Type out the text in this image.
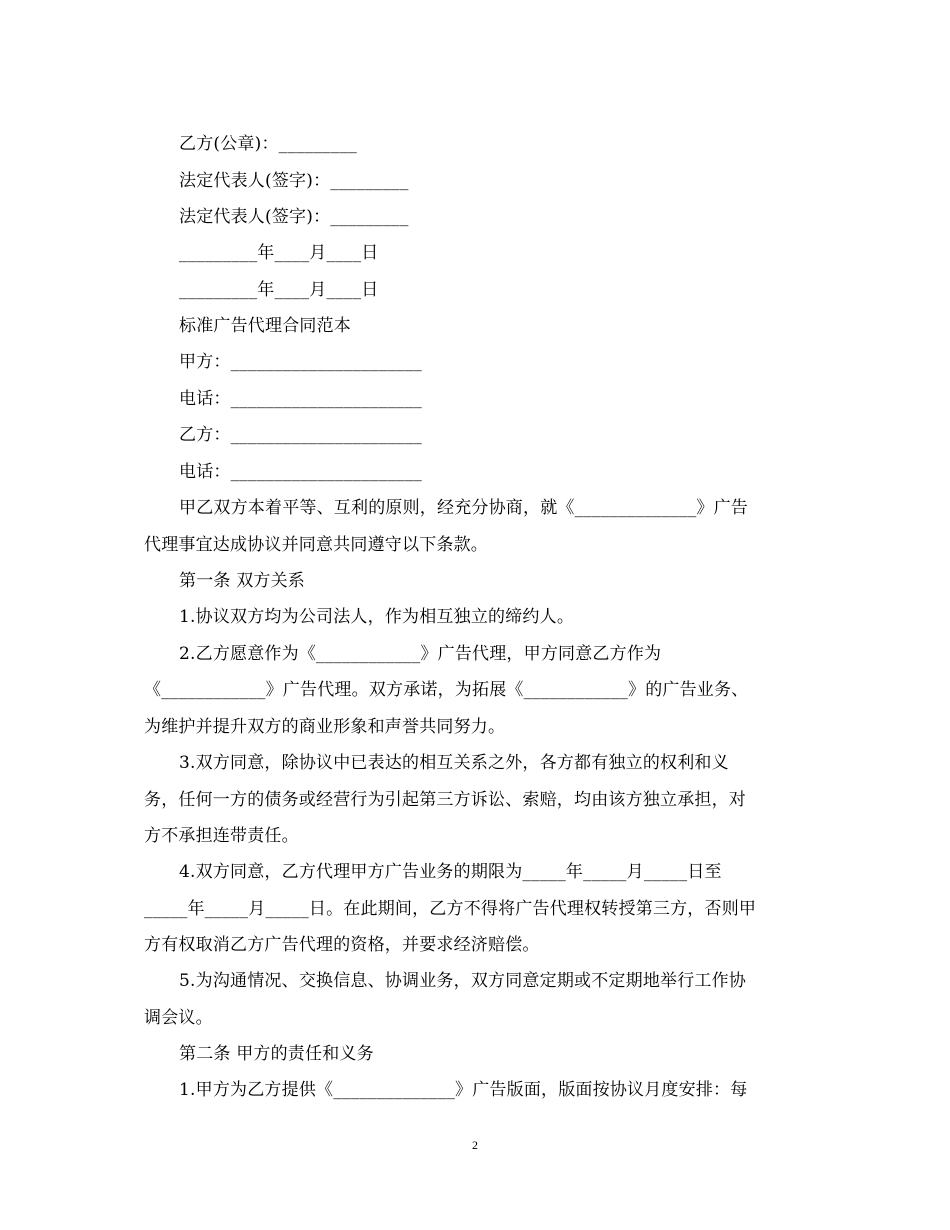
乙方(公章)：_________
法定代表人(签字)：_________
法定代表人(签字)：_________
_________年____月____日
_________年____月____日
标准广告代理合同范本
甲方：______________________
电话：______________________
乙方：______________________
电话：______________________
甲乙双方本着平等、互利的原则，经充分协商，就《______________》广告
代理事宜达成协议并同意共同遵守以下条款。
第一条 双方关系
1.协议双方均为公司法人，作为相互独立的缔约人。
2.乙方愿意作为《____________》广告代理，甲方同意乙方作为
《____________》广告代理。双方承诺，为拓展《____________》的广告业务、
为维护并提升双方的商业形象和声誉共同努力。
3.双方同意，除协议中已表达的相互关系之外，各方都有独立的权利和义
务，任何一方的债务或经营行为引起第三方诉讼、索赔，均由该方独立承担，对
方不承担连带责任。
4.双方同意，乙方代理甲方广告业务的期限为_____年_____月_____日至
_____年_____月_____日。在此期间，乙方不得将广告代理权转授第三方，否则甲
方有权取消乙方广告代理的资格，并要求经济赔偿。
5.为沟通情况、交换信息、协调业务，双方同意定期或不定期地举行工作协
调会议。
第二条 甲方的责任和义务
1.甲方为乙方提供《______________》广告版面，版面按协议月度安排：每
2
